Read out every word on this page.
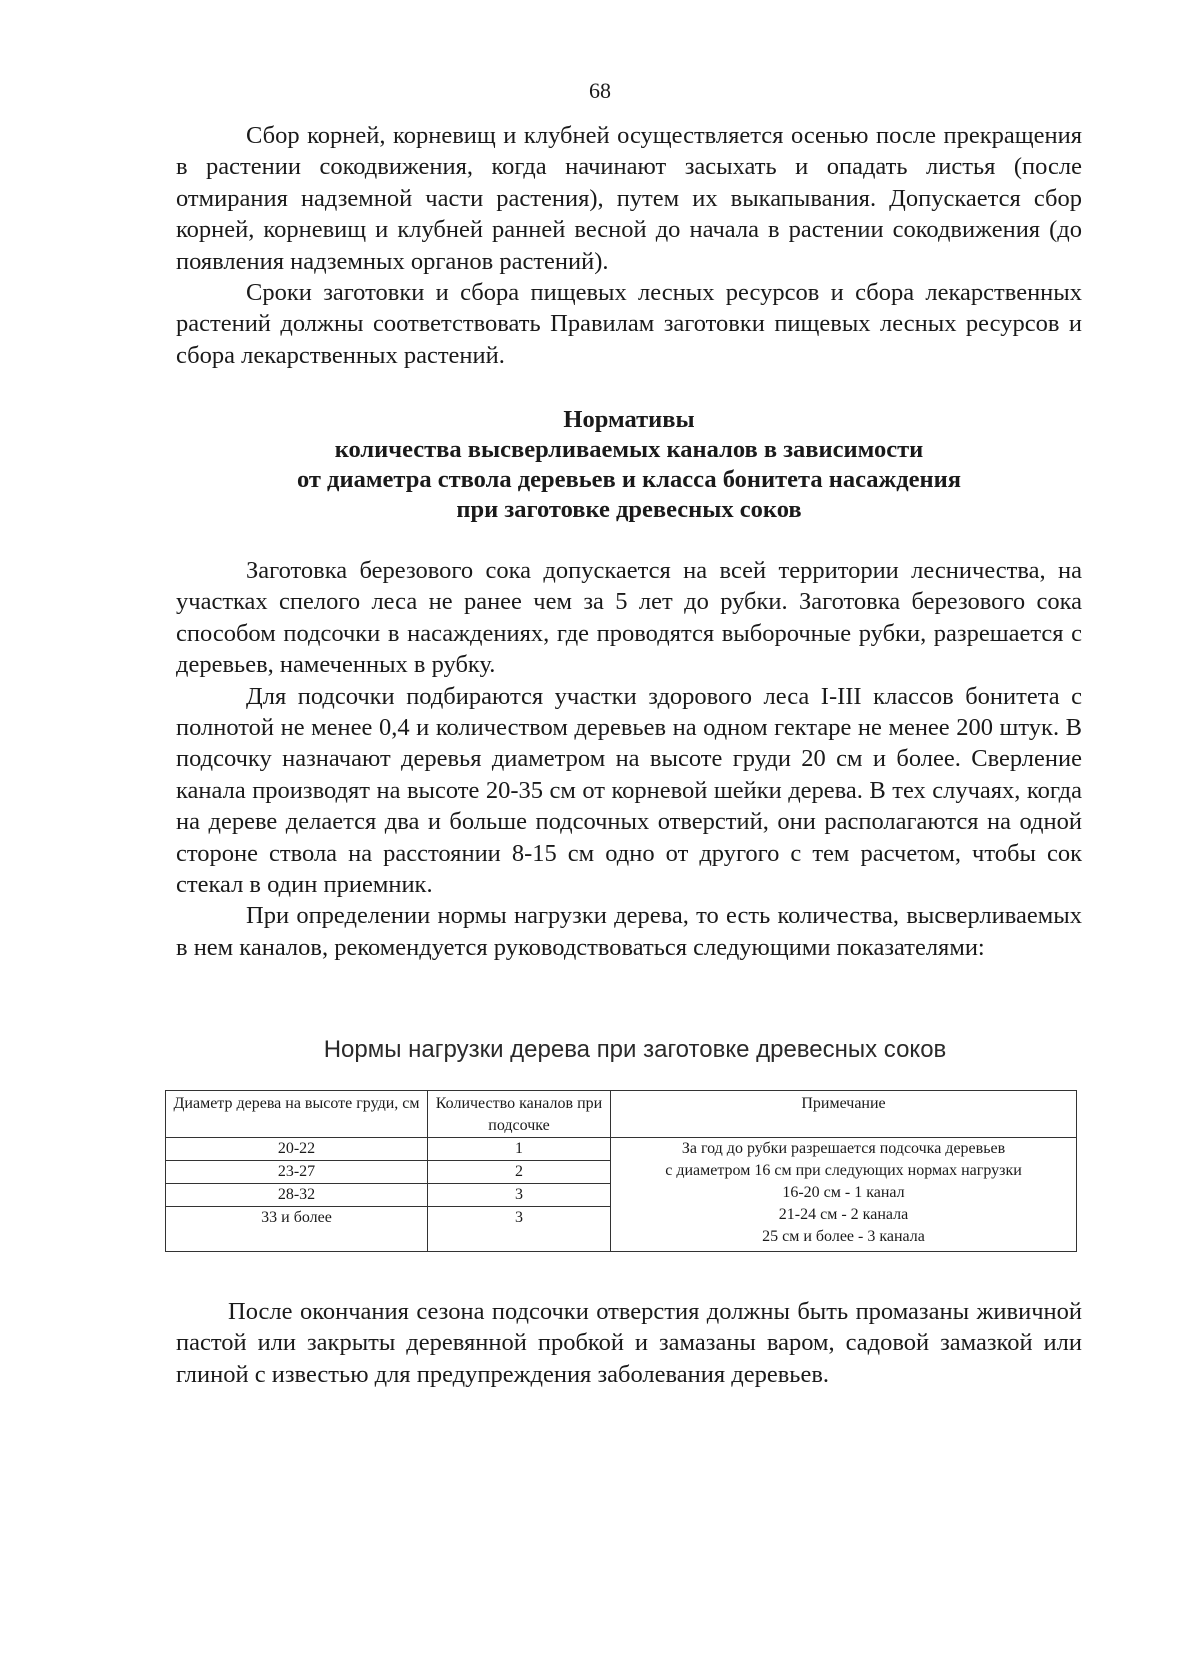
68

Сбор корней, корневищ и клубней осуществляется осенью после прекращения в растении сокодвижения, когда начинают засыхать и опадать листья (после отмирания надземной части растения), путем их выкапывания. Допускается сбор корней, корневищ и клубней ранней весной до начала в растении сокодвижения (до появления надземных органов растений).

Сроки заготовки и сбора пищевых лесных ресурсов и сбора лекарственных растений должны соответствовать Правилам заготовки пищевых лесных ресурсов и сбора лекарственных растений.

Нормативы
количества высверливаемых каналов в зависимости
от диаметра ствола деревьев и класса бонитета насаждения
при заготовке древесных соков

Заготовка березового сока допускается на всей территории лесничества, на участках спелого леса не ранее чем за 5 лет до рубки. Заготовка березового сока способом подсочки в насаждениях, где проводятся выборочные рубки, разрешается с деревьев, намеченных в рубку.

Для подсочки подбираются участки здорового леса I-III классов бонитета с полнотой не менее 0,4 и количеством деревьев на одном гектаре не менее 200 штук. В подсочку назначают деревья диаметром на высоте груди 20 см и более. Сверление канала производят на высоте 20-35 см от корневой шейки дерева. В тех случаях, когда на дереве делается два и больше подсочных отверстий, они располагаются на одной стороне ствола на расстоянии 8-15 см одно от другого с тем расчетом, чтобы сок стекал в один приемник.

При определении нормы нагрузки дерева, то есть количества, высверливаемых в нем каналов, рекомендуется руководствоваться следующими показателями:

Нормы нагрузки дерева при заготовке древесных соков
Диаметр дерева на высоте груди, см	Количество каналов при подсочке	Примечание
20-22	1	За год до рубки разрешается подсочка деревьев
с диаметром 16 см при следующих нормах нагрузки
16-20 см - 1 канал
21-24 см - 2 канала
25 см и более - 3 канала

23-27	2	
28-32	3	
33 и более	3	

После окончания сезона подсочки отверстия должны быть промазаны живичной пастой или закрыты деревянной пробкой и замазаны варом, садовой замазкой или глиной с известью для предупреждения заболевания деревьев.
